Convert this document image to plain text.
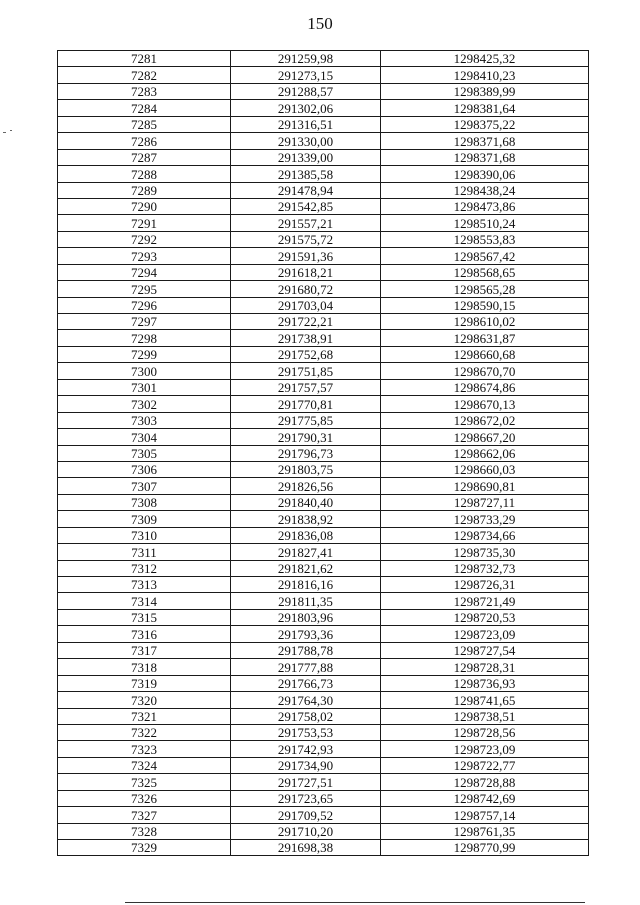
150
7281	291259,98	1298425,32
7282	291273,15	1298410,23
7283	291288,57	1298389,99
7284	291302,06	1298381,64
7285	291316,51	1298375,22
7286	291330,00	1298371,68
7287	291339,00	1298371,68
7288	291385,58	1298390,06
7289	291478,94	1298438,24
7290	291542,85	1298473,86
7291	291557,21	1298510,24
7292	291575,72	1298553,83
7293	291591,36	1298567,42
7294	291618,21	1298568,65
7295	291680,72	1298565,28
7296	291703,04	1298590,15
7297	291722,21	1298610,02
7298	291738,91	1298631,87
7299	291752,68	1298660,68
7300	291751,85	1298670,70
7301	291757,57	1298674,86
7302	291770,81	1298670,13
7303	291775,85	1298672,02
7304	291790,31	1298667,20
7305	291796,73	1298662,06
7306	291803,75	1298660,03
7307	291826,56	1298690,81
7308	291840,40	1298727,11
7309	291838,92	1298733,29
7310	291836,08	1298734,66
7311	291827,41	1298735,30
7312	291821,62	1298732,73
7313	291816,16	1298726,31
7314	291811,35	1298721,49
7315	291803,96	1298720,53
7316	291793,36	1298723,09
7317	291788,78	1298727,54
7318	291777,88	1298728,31
7319	291766,73	1298736,93
7320	291764,30	1298741,65
7321	291758,02	1298738,51
7322	291753,53	1298728,56
7323	291742,93	1298723,09
7324	291734,90	1298722,77
7325	291727,51	1298728,88
7326	291723,65	1298742,69
7327	291709,52	1298757,14
7328	291710,20	1298761,35
7329	291698,38	1298770,99
